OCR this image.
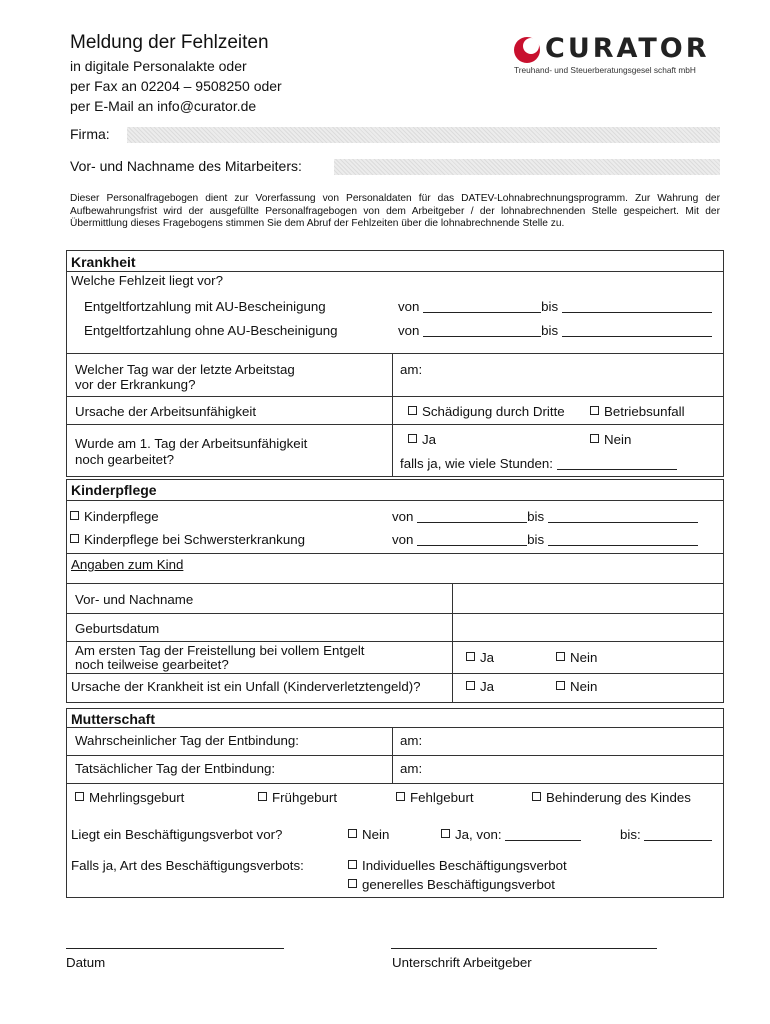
Meldung der Fehlzeiten
in digitale Personalakte oder
per Fax an 02204 – 9508250 oder
per E-Mail an info@curator.de
CURATOR
Treuhand- und Steuerberatungsgesel schaft mbH
Firma:
Vor- und Nachname des Mitarbeiters:
Dieser Personalfragebogen dient zur Vorerfassung von Personaldaten für das DATEV-Lohnabrechnungsprogramm. Zur Wahrung der Aufbewahrungsfrist wird der ausgefüllte Personalfragebogen von dem Arbeitgeber / der lohnabrechnenden Stelle gespeichert. Mit der Übermittlung dieses Fragebogens stimmen Sie dem Abruf der Fehlzeiten über die lohnabrechnende Stelle zu.
Krankheit
Welche Fehlzeit liegt vor?
Entgeltfortzahlung mit AU-Bescheinigung	von	bis
Entgeltfortzahlung ohne AU-Bescheinigung	von	bis
Welcher Tag war der letzte Arbeitstag
vor der Erkrankung?
am:
Ursache der Arbeitsunfähigkeit	Schädigung durch Dritte	Betriebsunfall
Wurde am 1. Tag der Arbeitsunfähigkeit
noch gearbeitet?
Ja	Nein
falls ja, wie viele Stunden:
Kinderpflege
Kinderpflege	von	bis
Kinderpflege bei Schwersterkrankung	von	bis
Angaben zum Kind
Vor- und Nachname
Geburtsdatum
Am ersten Tag der Freistellung bei vollem Entgelt
noch teilweise gearbeitet?	Ja	Nein
Ursache der Krankheit ist ein Unfall (Kinderverletztengeld)?	Ja	Nein
Mutterschaft
Wahrscheinlicher Tag der Entbindung:	am:
Tatsächlicher Tag der Entbindung:	am:
Mehrlingsgeburt	Frühgeburt	Fehlgeburt	Behinderung des Kindes
Liegt ein Beschäftigungsverbot vor?	Nein	Ja, von:	bis:
Falls ja, Art des Beschäftigungsverbots:	Individuelles Beschäftigungsverbot
generelles Beschäftigungsverbot
Datum	Unterschrift Arbeitgeber
